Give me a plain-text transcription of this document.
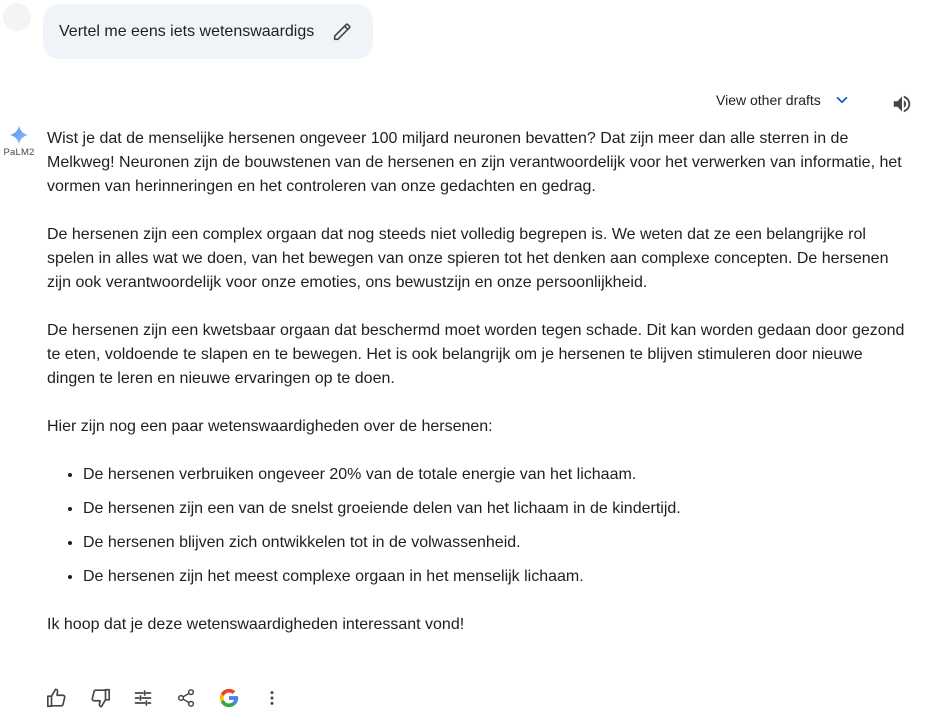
Vertel me eens iets wetenswaardigs
View other drafts
PaLM2

Wist je dat de menselijke hersenen ongeveer 100 miljard neuronen bevatten? Dat zijn meer dan alle sterren in de Melkweg! Neuronen zijn de bouwstenen van de hersenen en zijn verantwoordelijk voor het verwerken van informatie, het vormen van herinneringen en het controleren van onze gedachten en gedrag.

De hersenen zijn een complex orgaan dat nog steeds niet volledig begrepen is. We weten dat ze een belangrijke rol spelen in alles wat we doen, van het bewegen van onze spieren tot het denken aan complexe concepten. De hersenen zijn ook verantwoordelijk voor onze emoties, ons bewustzijn en onze persoonlijkheid.

De hersenen zijn een kwetsbaar orgaan dat beschermd moet worden tegen schade. Dit kan worden gedaan door gezond te eten, voldoende te slapen en te bewegen. Het is ook belangrijk om je hersenen te blijven stimuleren door nieuwe dingen te leren en nieuwe ervaringen op te doen.

Hier zijn nog een paar wetenswaardigheden over de hersenen:

• De hersenen verbruiken ongeveer 20% van de totale energie van het lichaam.
• De hersenen zijn een van de snelst groeiende delen van het lichaam in de kindertijd.
• De hersenen blijven zich ontwikkelen tot in de volwassenheid.
• De hersenen zijn het meest complexe orgaan in het menselijk lichaam.

Ik hoop dat je deze wetenswaardigheden interessant vond!
